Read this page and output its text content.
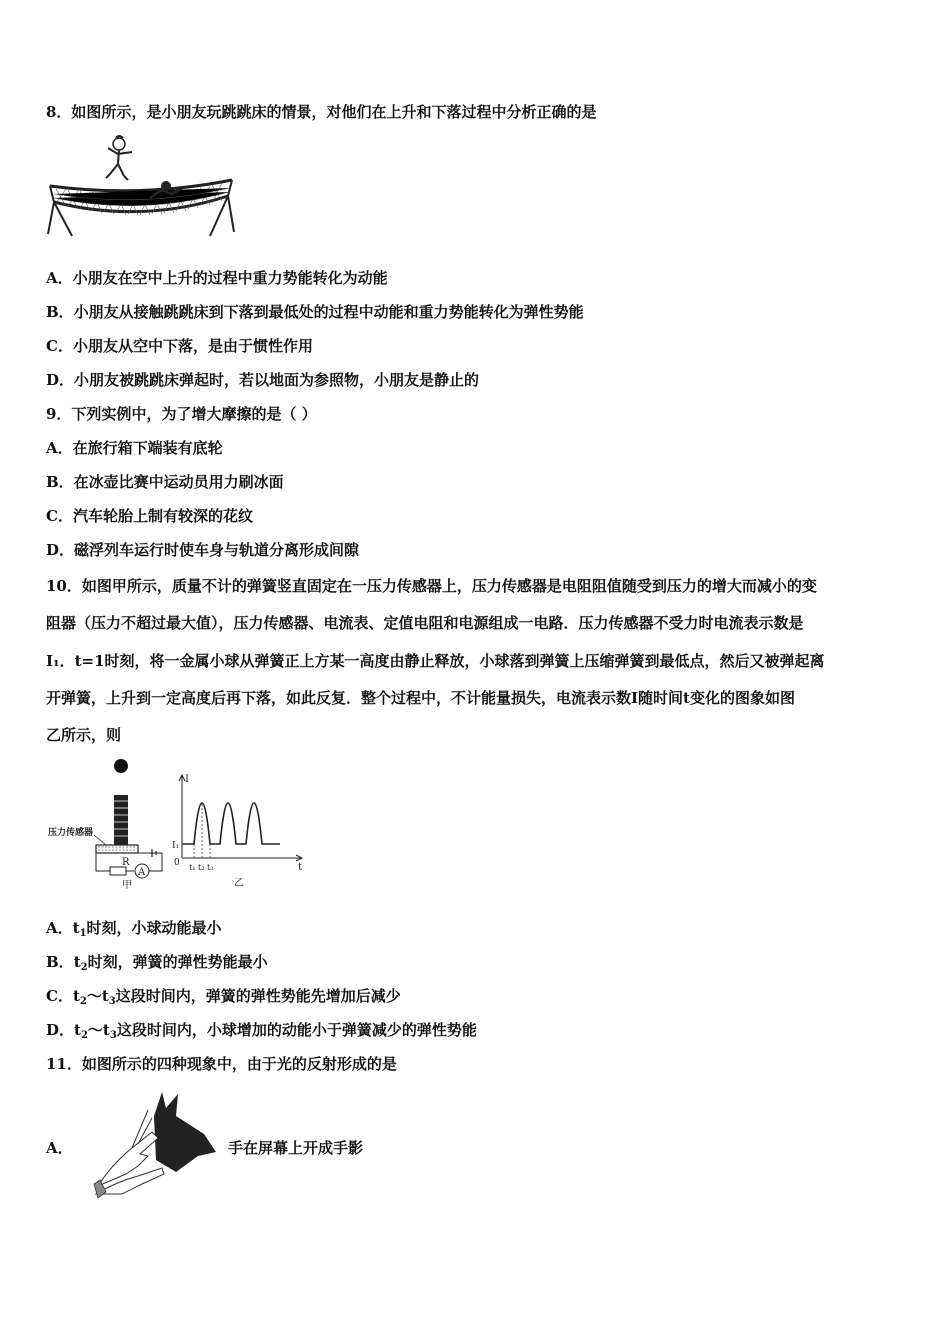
8．如图所示，是小朋友玩跳跳床的情景，对他们在上升和下落过程中分析正确的是
A．小朋友在空中上升的过程中重力势能转化为动能
B．小朋友从接触跳跳床到下落到最低处的过程中动能和重力势能转化为弹性势能
C．小朋友从空中下落，是由于惯性作用
D．小朋友被跳跳床弹起时，若以地面为参照物，小朋友是静止的
9．下列实例中，为了增大摩擦的是（ ）
A．在旅行箱下端装有底轮
B．在冰壶比赛中运动员用力刷冰面
C．汽车轮胎上制有较深的花纹
D．磁浮列车运行时使车身与轨道分离形成间隙
10．如图甲所示，质量不计的弹簧竖直固定在一压力传感器上，压力传感器是电阻阻值随受到压力的增大而减小的变
阻器（压力不超过最大值），压力传感器、电流表、定值电阻和电源组成一电路．压力传感器不受力时电流表示数是
I₁．t=1时刻，将一金属小球从弹簧正上方某一高度由静止释放，小球落到弹簧上压缩弹簧到最低点，然后又被弹起离
开弹簧，上升到一定高度后再下落，如此反复．整个过程中，不计能量损失，电流表示数I随时间t变化的图象如图
乙所示，则
压力传感器
R
A
甲
I
t
0
I₁
t₁ t₂ t₃
乙
A．$t_1$时刻，小球动能最小
B．$t_2$时刻，弹簧的弹性势能最小
C．$t_2\sim t_3$这段时间内，弹簧的弹性势能先增加后减少
D．$t_2\sim t_3$这段时间内，小球增加的动能小于弹簧减少的弹性势能
11．如图所示的四种现象中，由于光的反射形成的是
A．	手在屏幕上开成手影
